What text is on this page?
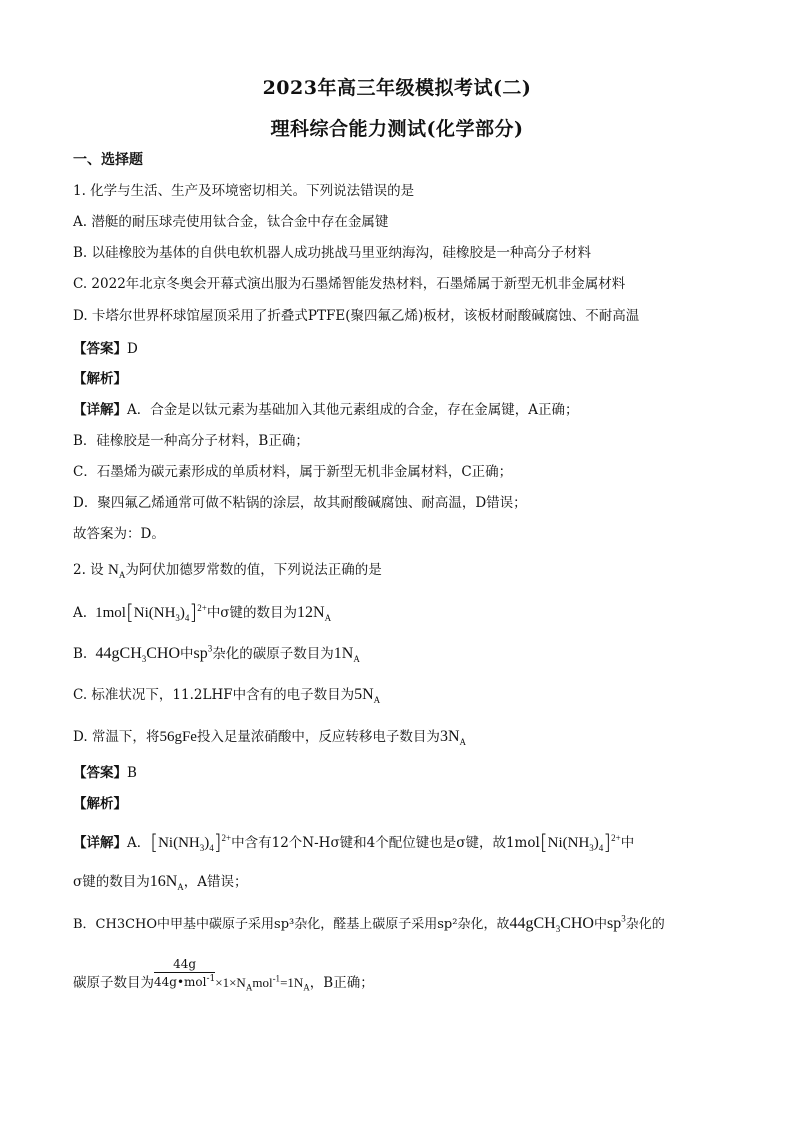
2023年高三年级模拟考试(二)
理科综合能力测试(化学部分)
一、选择题
1. 化学与生活、生产及环境密切相关。下列说法错误的是
A. 潜艇的耐压球壳使用钛合金，钛合金中存在金属键
B. 以硅橡胶为基体的自供电软机器人成功挑战马里亚纳海沟，硅橡胶是一种高分子材料
C. 2022年北京冬奥会开幕式演出服为石墨烯智能发热材料，石墨烯属于新型无机非金属材料
D. 卡塔尔世界杯球馆屋顶采用了折叠式PTFE(聚四氟乙烯)板材，该板材耐酸碱腐蚀、不耐高温
【答案】D
【解析】
【详解】A．合金是以钛元素为基础加入其他元素组成的合金，存在金属键，A正确；
B．硅橡胶是一种高分子材料，B正确；
C．石墨烯为碳元素形成的单质材料，属于新型无机非金属材料，C正确；
D．聚四氟乙烯通常可做不粘锅的涂层，故其耐酸碱腐蚀、耐高温，D错误；
故答案为：D。
2. 设 $N_A$为阿伏加德罗常数的值，下列说法正确的是
A. $1mol[Ni(NH_3)_4]^{2+}$中σ键的数目为$12N_A$
B. 44gCH$_3$CHO中$sp^3$杂化的碳原子数目为$1N_A$
C. 标准状况下，11.2LHF中含有的电子数目为$5N_A$
D. 常温下，将56gFe投入足量浓硝酸中，反应转移电子数目为$3N_A$
【答案】B
【解析】
【详解】A．$[Ni(NH_3)_4]^{2+}$中含有12个N-Hσ键和4个配位键也是σ键，故$1mol[Ni(NH_3)_4]^{2+}$中
σ键的数目为$16N_A$，A错误；
B．CH3CHO中甲基中碳原子采用sp³杂化，醛基上碳原子采用sp²杂化，故44gCH$_3$CHO中$sp^3$杂化的
碳原子数目为 $\frac{44g}{44g•mol^{-1}} \times 1\times N_Amol^{-1}=1N_A$，B正确；
